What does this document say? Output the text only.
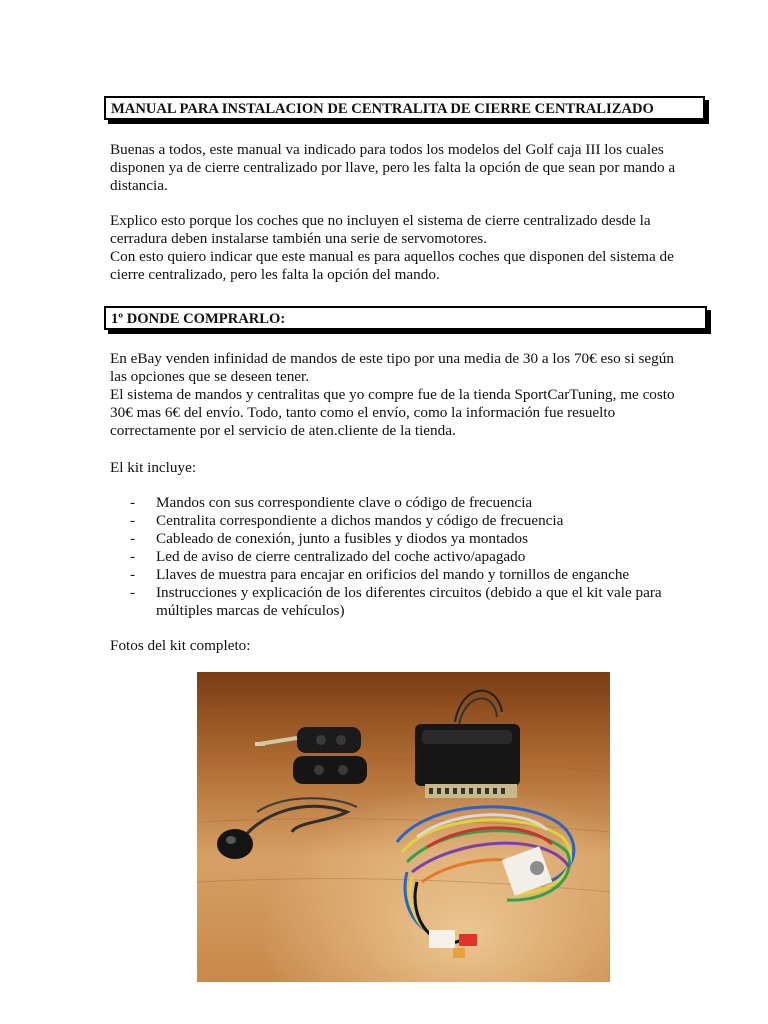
MANUAL PARA INSTALACION DE CENTRALITA DE CIERRE CENTRALIZADO

Buenas a todos, este manual va indicado para todos los modelos del Golf caja III los cuales
disponen ya de cierre centralizado por llave, pero les falta la opción de que sean por mando a
distancia.

Explico esto porque los coches que no incluyen el sistema de cierre centralizado desde la
cerradura deben instalarse también una serie de servomotores.
Con esto quiero indicar que este manual es para aquellos coches que disponen del sistema de
cierre centralizado, pero les falta la opción del mando.

1º DONDE COMPRARLO:

En eBay venden infinidad de mandos de este tipo por una media de 30 a los 70€ eso si según
las opciones que se deseen tener.
El sistema de mandos y centralitas que yo compre fue de la tienda SportCarTuning, me costo
30€ mas 6€ del envío. Todo, tanto como el envío, como la información fue resuelto
correctamente por el servicio de aten.cliente de la tienda.

El kit incluye:

- Mandos con sus correspondiente clave o código de frecuencia
- Centralita correspondiente a dichos mandos y código de frecuencia
- Cableado de conexión, junto a fusibles y diodos ya montados
- Led de aviso de cierre centralizado del coche activo/apagado
- Llaves de muestra para encajar en orificios del mando y tornillos de enganche
- Instrucciones y explicación de los diferentes circuitos (debido a que el kit vale para
múltiples marcas de vehículos)

Fotos del kit completo:
